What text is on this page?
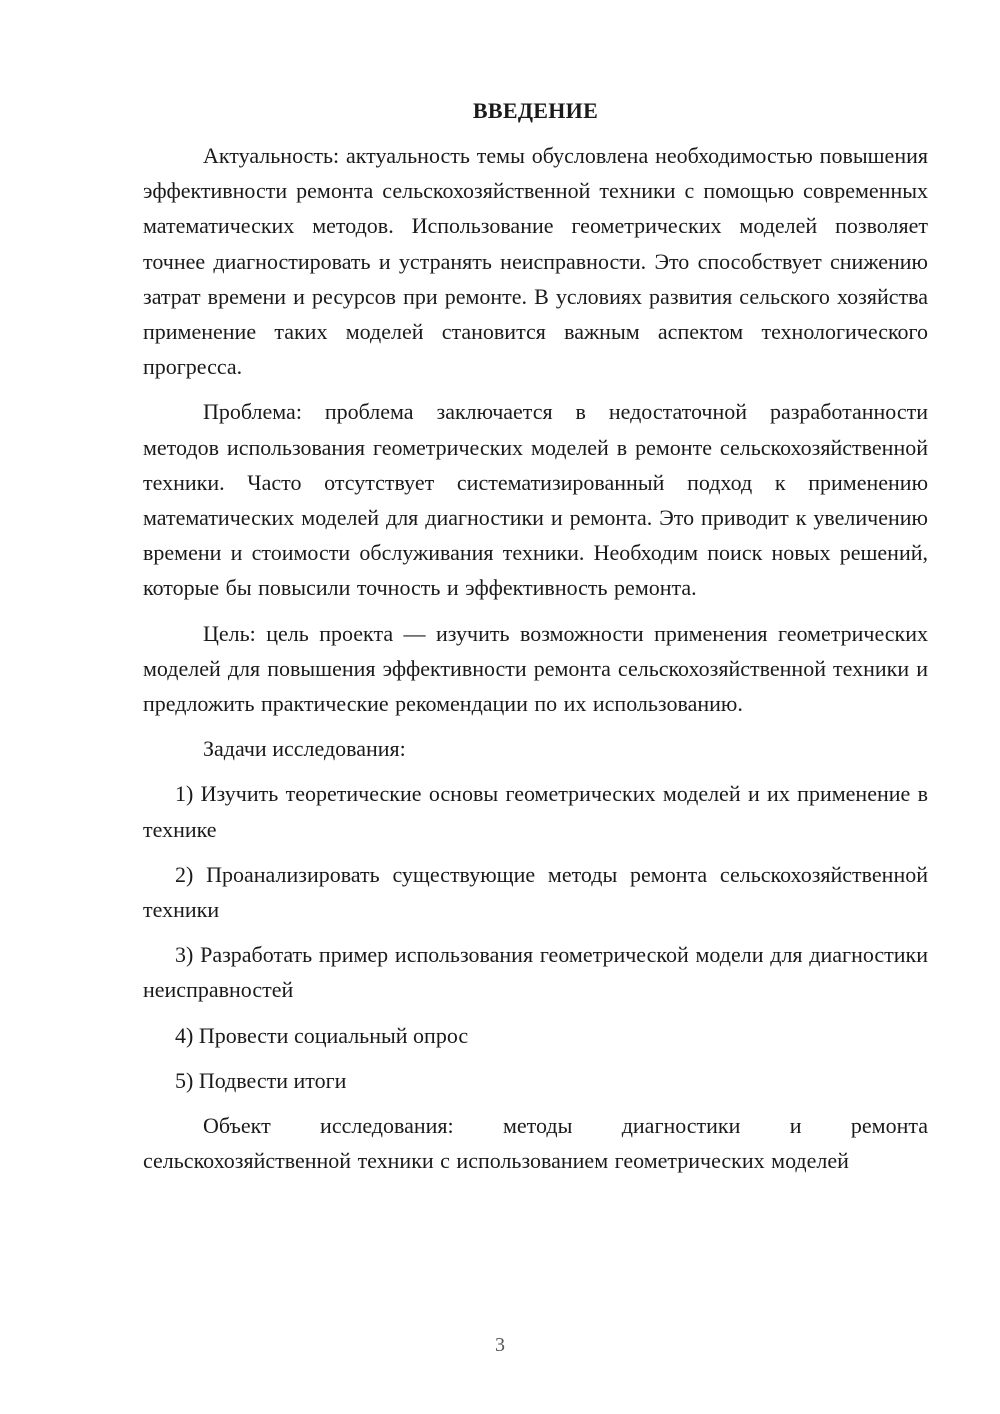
ВВЕДЕНИЕ

Актуальность: актуальность темы обусловлена необходимостью повышения эффективности ремонта сельскохозяйственной техники с помощью современных математических методов. Использование геометрических моделей позволяет точнее диагностировать и устранять неисправности. Это способствует снижению затрат времени и ресурсов при ремонте. В условиях развития сельского хозяйства применение таких моделей становится важным аспектом технологического прогресса.

Проблема: проблема заключается в недостаточной разработанности методов использования геометрических моделей в ремонте сельскохозяйственной техники. Часто отсутствует систематизированный подход к применению математических моделей для диагностики и ремонта. Это приводит к увеличению времени и стоимости обслуживания техники. Необходим поиск новых решений, которые бы повысили точность и эффективность ремонта.

Цель: цель проекта — изучить возможности применения геометрических моделей для повышения эффективности ремонта сельскохозяйственной техники и предложить практические рекомендации по их использованию.

Задачи исследования:

1) Изучить теоретические основы геометрических моделей и их применение в технике

2) Проанализировать существующие методы ремонта сельскохозяйственной техники

3) Разработать пример использования геометрической модели для диагностики неисправностей

4) Провести социальный опрос

5) Подвести итоги

Объект исследования: методы диагностики и ремонта сельскохозяйственной техники с использованием геометрических моделей

3
